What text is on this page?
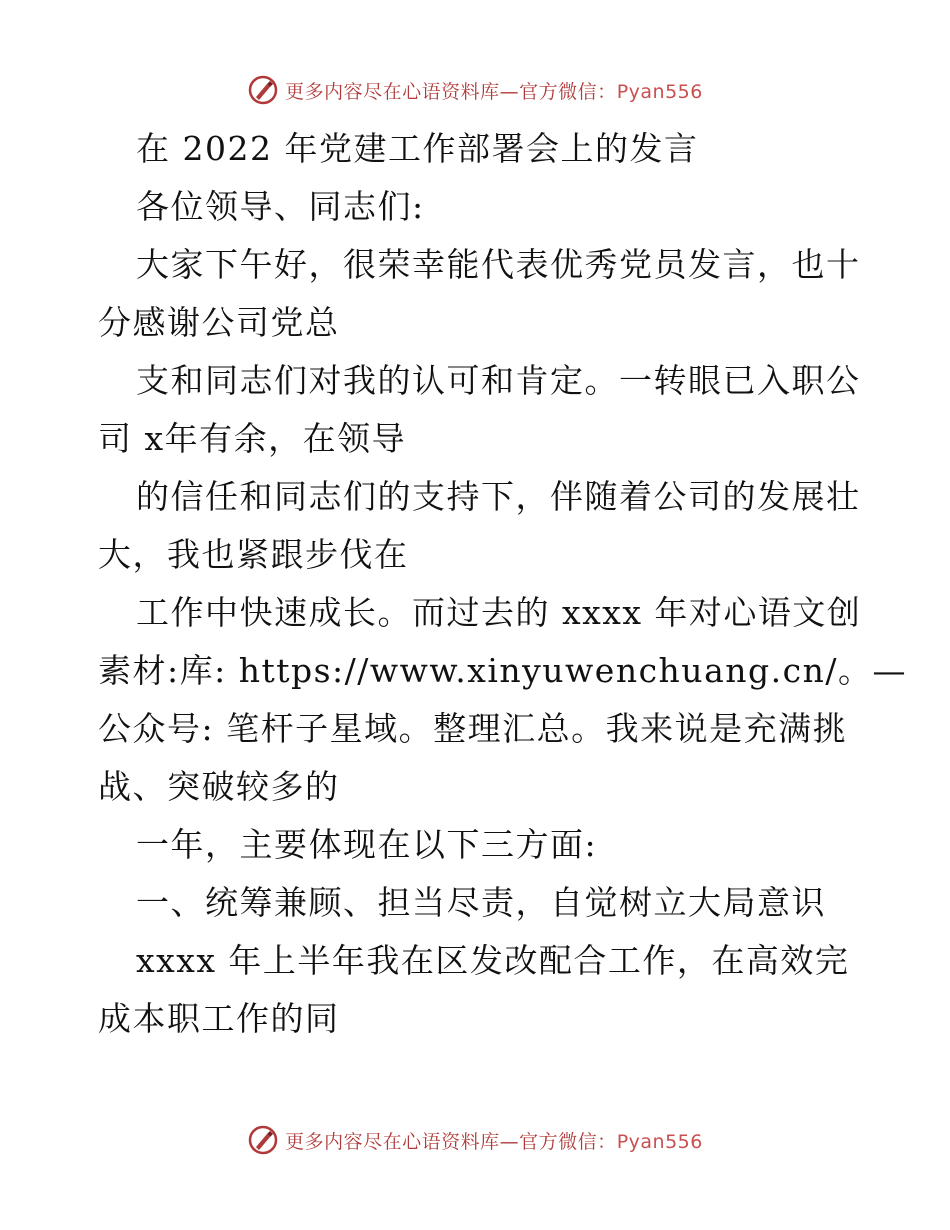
更多内容尽在心语资料库—官方微信：Pyan556
在 2022 年党建工作部署会上的发言
各位领导、同志们:
大家下午好，很荣幸能代表优秀党员发言，也十
分感谢公司党总
支和同志们对我的认可和肯定。一转眼已入职公
司 x年有余，在领导
的信任和同志们的支持下，伴随着公司的发展壮
大，我也紧跟步伐在
工作中快速成长。而过去的 xxxx 年对心语文创
素材:库: https://www.xinyuwenchuang.cn/。—
公众号: 笔杆子星域。整理汇总。我来说是充满挑
战、突破较多的
一年，主要体现在以下三方面:
一、统筹兼顾、担当尽责，自觉树立大局意识
xxxx 年上半年我在区发改配合工作，在高效完
成本职工作的同
更多内容尽在心语资料库—官方微信：Pyan556
